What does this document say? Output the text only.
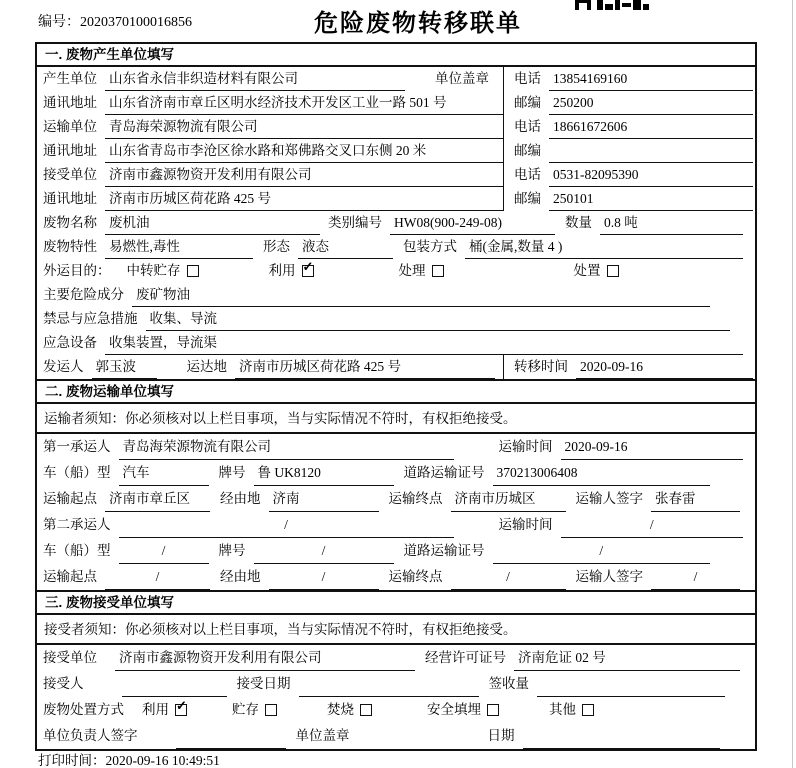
编号：2020370100016856	危险废物转移联单
一. 废物产生单位填写
产生单位 山东省永信非织造材料有限公司	单位盖章 电话 13854169160
通讯地址 山东省济南市章丘区明水经济技术开发区工业一路 501 号	邮编 250200
运输单位 青岛海荣源物流有限公司	电话 18661672606
通讯地址 山东省青岛市李沧区徐水路和郑佛路交叉口东侧 20 米	邮编
接受单位 济南市鑫源物资开发利用有限公司	电话 0531-82095390
通讯地址 济南市历城区荷花路 425 号	邮编 250101
废物名称 废机油	类别编号 HW08(900-249-08)	数量 0.8 吨
废物特性 易燃性,毒性	形态 液态	包装方式 桶(金属,数量 4 )
外运目的： 中转贮存	利用 ✓	处理	处置
主要危险成分 废矿物油
禁忌与应急措施 收集、导流
应急设备 收集装置，导流渠
发运人 郭玉波	运达地 济南市历城区荷花路 425 号	转移时间 2020-09-16
二. 废物运输单位填写
运输者须知：你必须核对以上栏目事项，当与实际情况不符时，有权拒绝接受。
第一承运人 青岛海荣源物流有限公司	运输时间 2020-09-16
车（船）型 汽车	牌号 鲁 UK8120	道路运输证号 370213006408
运输起点 济南市章丘区	经由地 济南	运输终点 济南市历城区	运输人签字 张春雷
第二承运人	/	运输时间	/
车（船）型	/	牌号	/	道路运输证号	/
运输起点	/	经由地	/	运输终点	/	运输人签字	/
三. 废物接受单位填写
接受者须知：你必须核对以上栏目事项，当与实际情况不符时，有权拒绝接受。
接受单位 济南市鑫源物资开发利用有限公司	经营许可证号 济南危证 02 号
接受人	接受日期	签收量
废物处置方式 利用 ✓	贮存	焚烧	安全填埋	其他
单位负责人签字	单位盖章	日期
打印时间：2020-09-16 10:49:51
